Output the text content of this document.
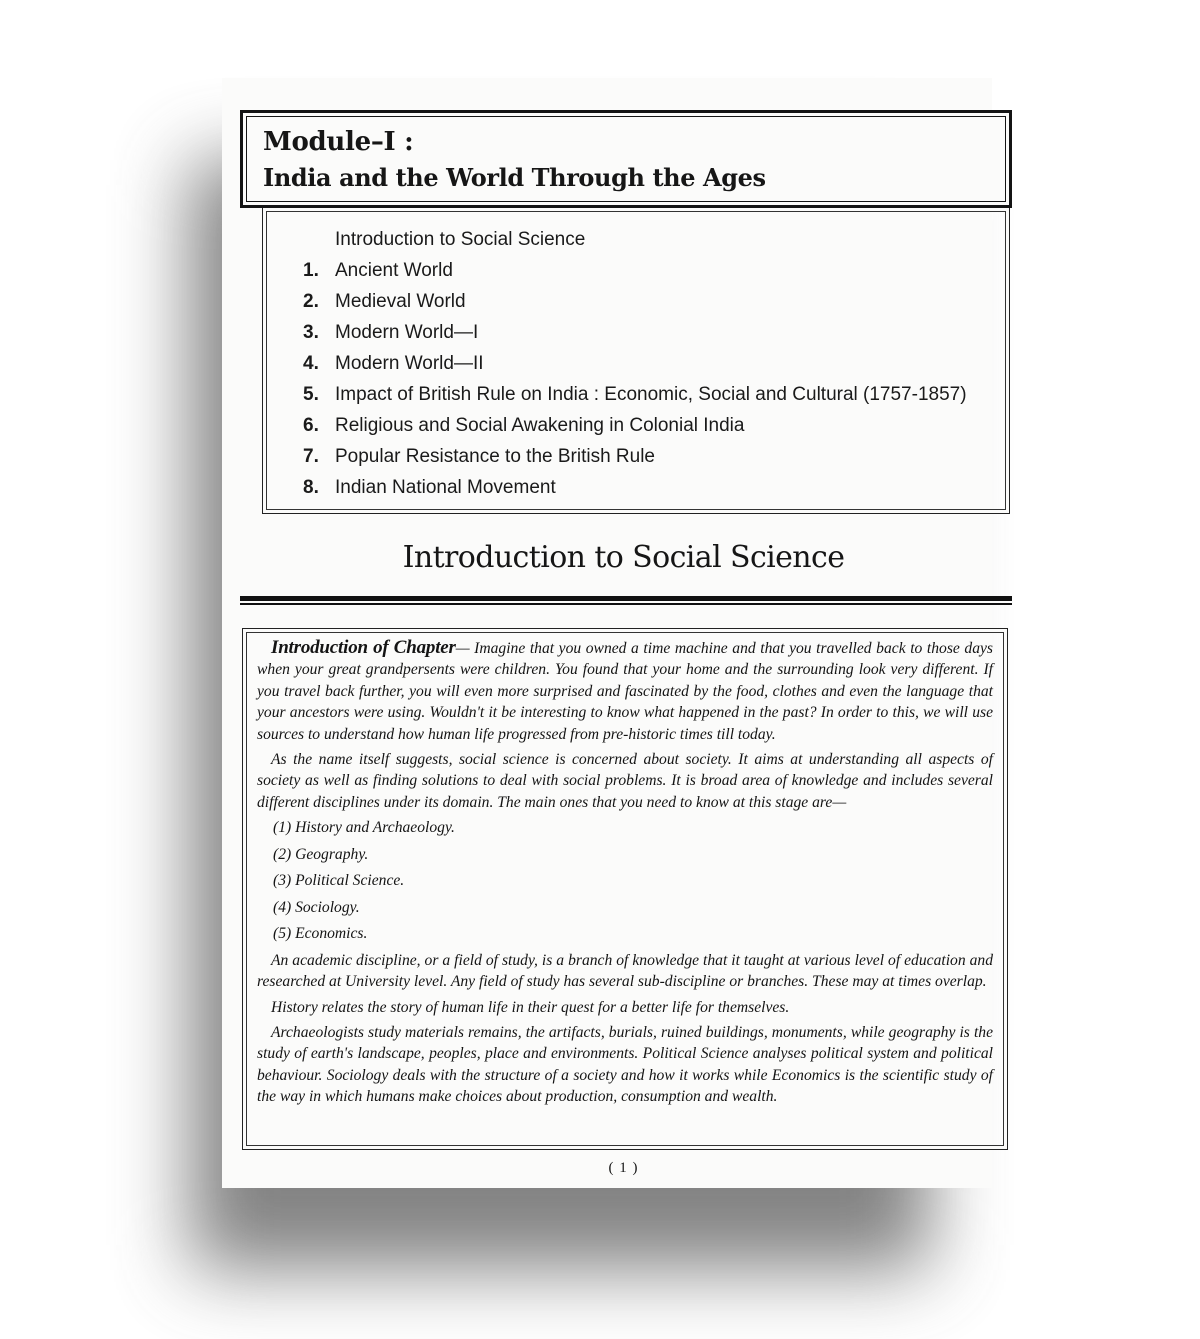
Module–I :
India and the World Through the Ages
Introduction to Social Science
1. Ancient World
2. Medieval World
3. Modern World—I
4. Modern World—II
5. Impact of British Rule on India : Economic, Social and Cultural (1757-1857)
6. Religious and Social Awakening in Colonial India
7. Popular Resistance to the British Rule
8. Indian National Movement
Introduction to Social Science

Introduction of Chapter— Imagine that you owned a time machine and that you travelled back to those days when your great grandpersents were children. You found that your home and the surrounding look very different. If you travel back further, you will even more surprised and fascinated by the food, clothes and even the language that your ancestors were using. Wouldn't it be interesting to know what happened in the past? In order to this, we will use sources to understand how human life progressed from pre-historic times till today.

As the name itself suggests, social science is concerned about society. It aims at understanding all aspects of society as well as finding solutions to deal with social problems. It is broad area of knowledge and includes several different disciplines under its domain. The main ones that you need to know at this stage are—

(1) History and Archaeology.
(2) Geography.
(3) Political Science.
(4) Sociology.
(5) Economics.

An academic discipline, or a field of study, is a branch of knowledge that it taught at various level of education and researched at University level. Any field of study has several sub-discipline or branches. These may at times overlap.

History relates the story of human life in their quest for a better life for themselves.

Archaeologists study materials remains, the artifacts, burials, ruined buildings, monuments, while geography is the study of earth's landscape, peoples, place and environments. Political Science analyses political system and political behaviour. Sociology deals with the structure of a society and how it works while Economics is the scientific study of the way in which humans make choices about production, consumption and wealth.

( 1 )
